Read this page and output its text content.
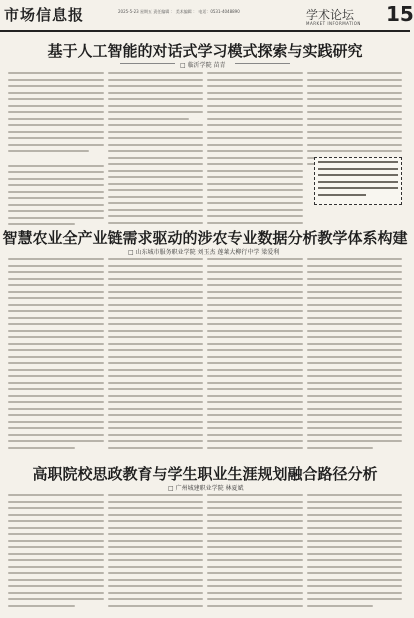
市场信息报	2025-5-23 星期五 责任编辑 ： 美术编辑 ： 电话：0531-4048890	学术论坛
MARKET INFORMATION 15
基于人工智能的对话式学习模式探索与实践研究
□ 临沂学院 苗青

智慧农业全产业链需求驱动的涉农专业数据分析教学体系构建
□ 山东城市服务职业学院 刘玉杰 莲莱大柳行中学 梁爱利
高职院校思政教育与学生职业生涯规划融合路径分析
□ 广州城建职业学院 林夏斌
